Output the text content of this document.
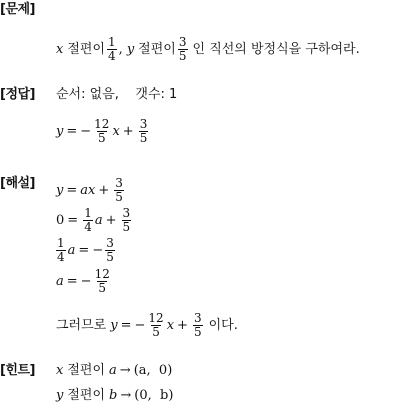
[문제]
x 절편이 $\frac{1}{4}$ , y 절편이 $\frac{3}{5}$ 인 직선의 방정식을 구하여라.
[정답] 순서: 없음,    갯수: 1
y = − $\frac{12}{5}$ $x + \frac{3}{5}$
[해설] y = ax + $\frac{3}{5}$
$0 = \frac{1}{4}$ $a + \frac{3}{5}$
$\frac{1}{4}$ a = − $\frac{3}{5}$
a = − $\frac{12}{5}$
그러므로 y = − $\frac{12}{5}$ $x + \frac{3}{5}$ 이다.
[힌트] x 절편이 a → (a,  0)
y 절편이 b → (0,  b)
